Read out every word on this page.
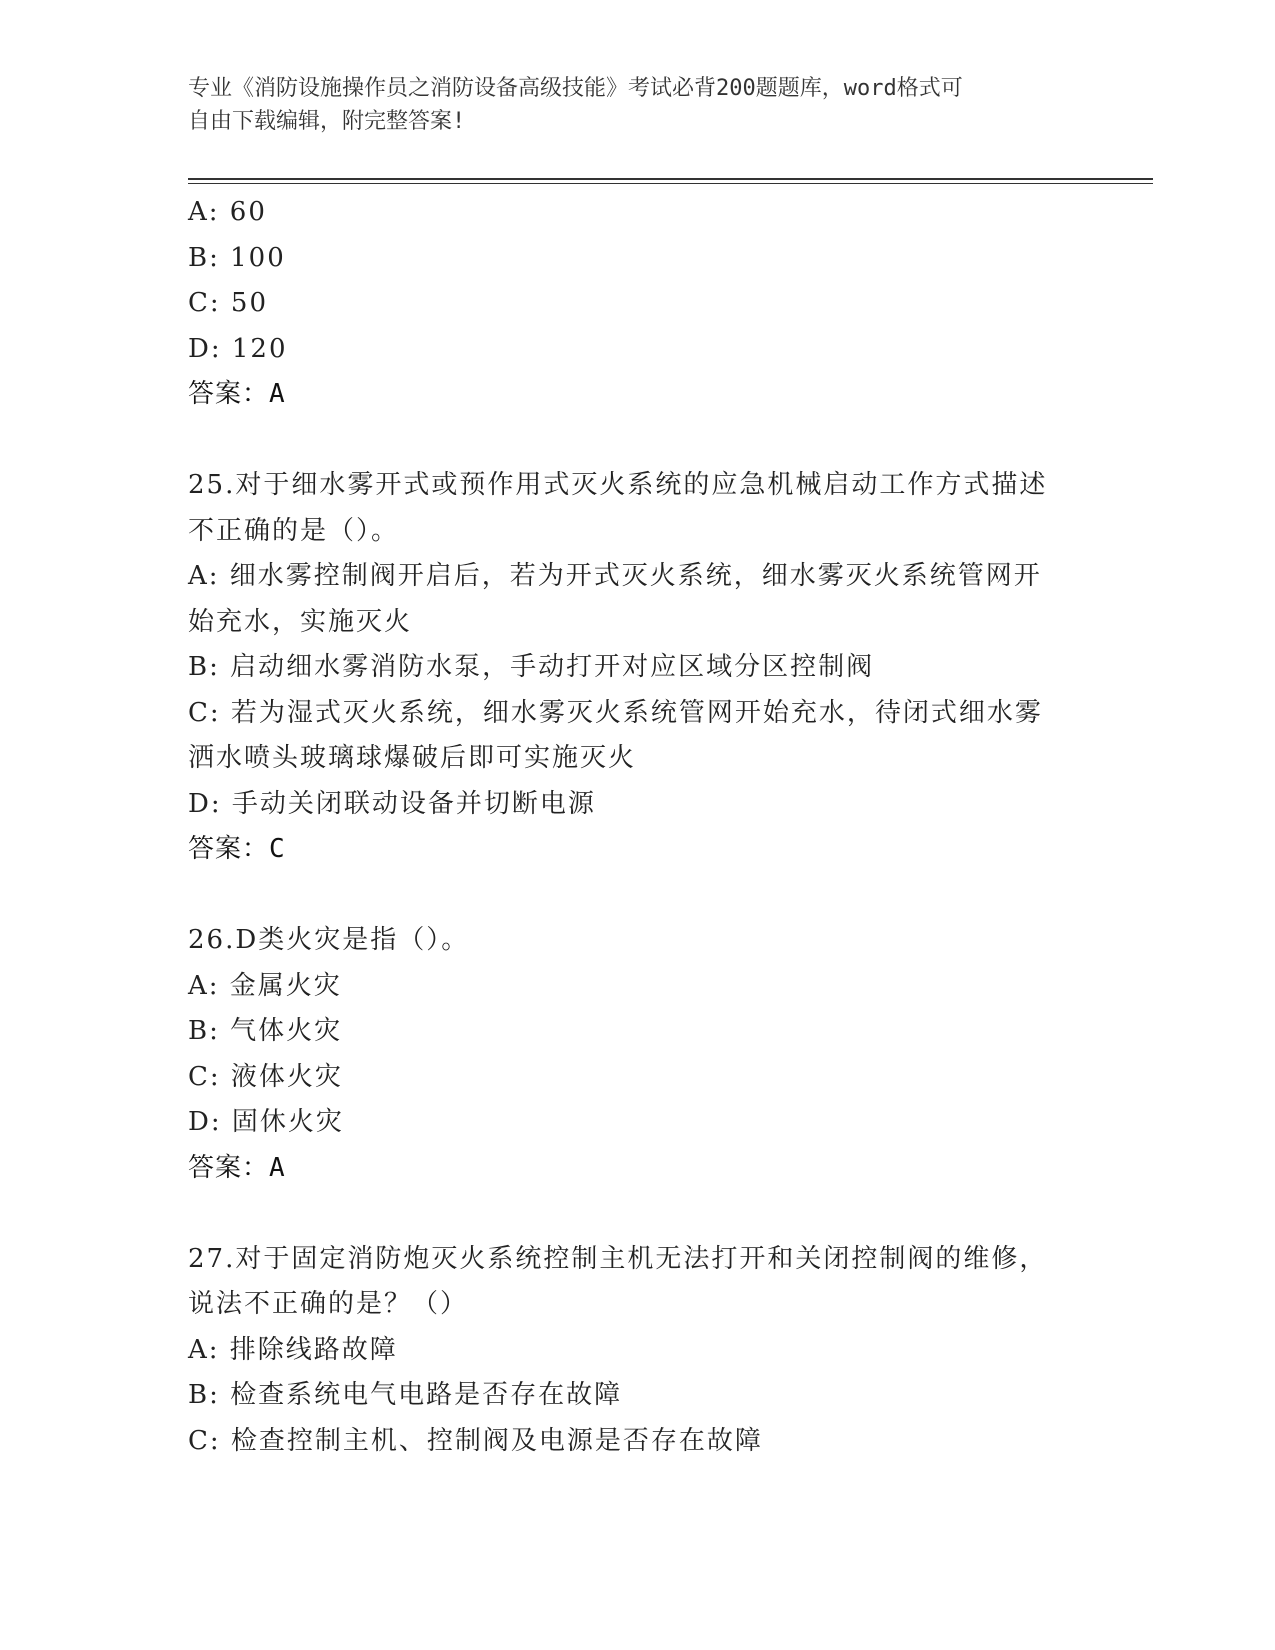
专业《消防设施操作员之消防设备高级技能》考试必背200题题库，word格式可
自由下载编辑，附完整答案!
A: 60
B: 100
C: 50
D: 120
答案：A
25.对于细水雾开式或预作用式灭火系统的应急机械启动工作方式描述
不正确的是（）。
A: 细水雾控制阀开启后，若为开式灭火系统，细水雾灭火系统管网开
始充水，实施灭火
B: 启动细水雾消防水泵，手动打开对应区域分区控制阀
C: 若为湿式灭火系统，细水雾灭火系统管网开始充水，待闭式细水雾
洒水喷头玻璃球爆破后即可实施灭火
D: 手动关闭联动设备并切断电源
答案：C
26.D类火灾是指（）。
A: 金属火灾
B: 气体火灾
C: 液体火灾
D: 固休火灾
答案：A
27.对于固定消防炮灭火系统控制主机无法打开和关闭控制阀的维修，
说法不正确的是？（）
A: 排除线路故障
B: 检查系统电气电路是否存在故障
C: 检查控制主机、控制阀及电源是否存在故障
